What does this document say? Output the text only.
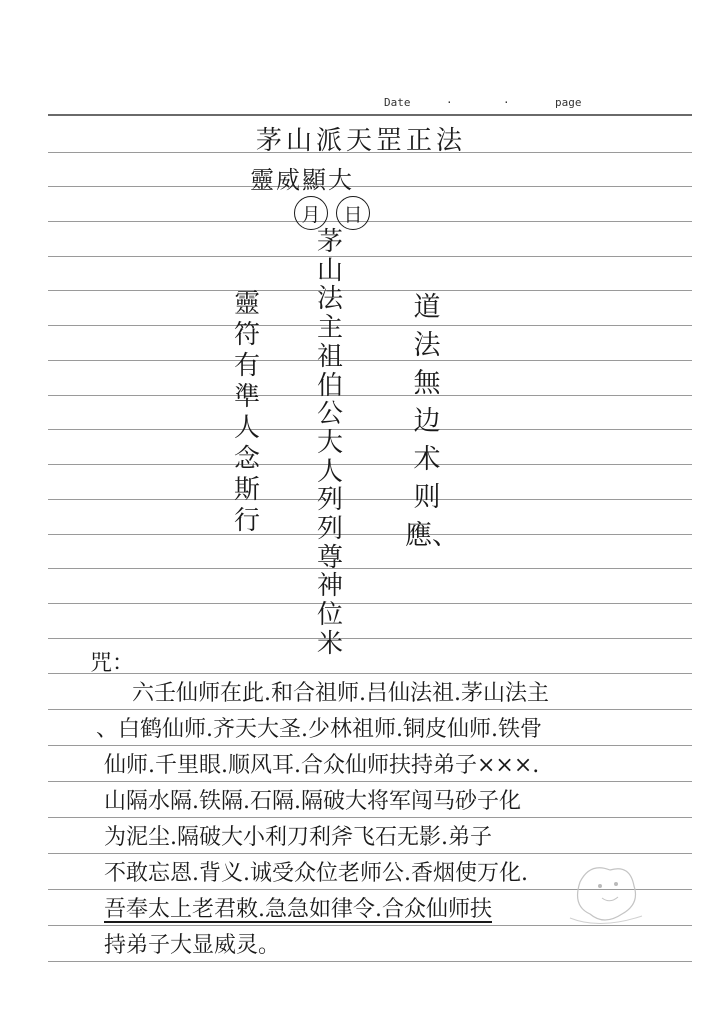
Date	·	·	page
茅山派天罡正法
靈威顯大
月	日
茅山法主祖伯公大人列列尊神位米
靈符有準人念斯行
道法無边术则應、
咒：
六壬仙师在此.和合祖师.吕仙法祖.茅山法主
、白鹤仙师.齐天大圣.少林祖师.铜皮仙师.铁骨
仙师.千里眼.顺风耳.合众仙师扶持弟子×××.
山隔水隔.铁隔.石隔.隔破大将军闯马砂子化
为泥尘.隔破大小利刀利斧飞石无影.弟子
不敢忘恩.背义.诚受众位老师公.香烟使万化.
吾奉太上老君敕.急急如律令.合众仙师扶
持弟子大显威灵。
